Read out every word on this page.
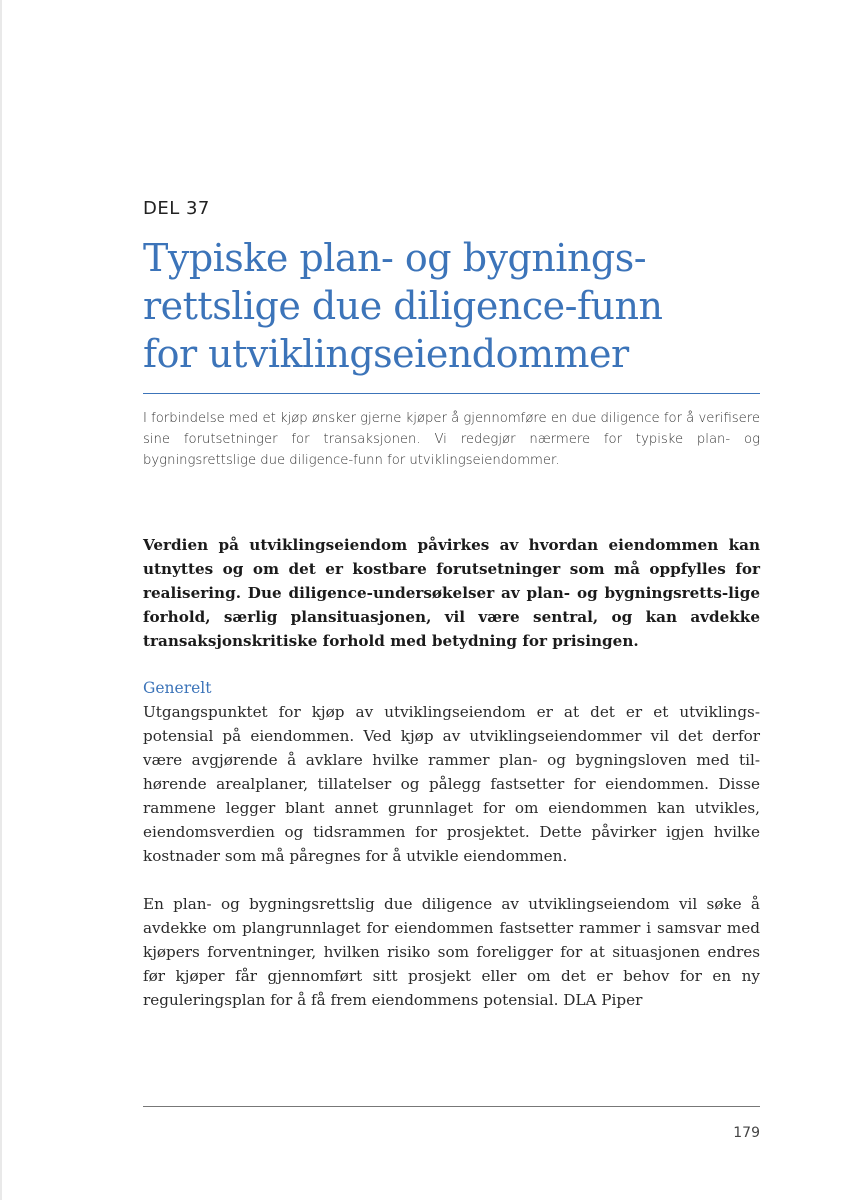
DEL 37
Typiske plan- og bygnings-
rettslige due diligence-funn
for utviklingseiendommer

I forbindelse med et kjøp ønsker gjerne kjøper å gjennomføre en due diligence for å verifisere sine forutsetninger for transaksjonen. Vi redegjør nærmere for typiske plan- og bygningsrettslige due diligence-funn for utviklingseiendommer.

Verdien på utviklingseiendom påvirkes av hvordan eiendommen kan utnyttes og om det er kostbare forutsetninger som må oppfylles for realisering. Due diligence-undersøkelser av plan- og bygningsretts-lige forhold, særlig plansituasjonen, vil være sentral, og kan avdekke transaksjonskritiske forhold med betydning for prisingen.

Generelt

Utgangspunktet for kjøp av utviklingseiendom er at det er et utviklings-potensial på eiendommen. Ved kjøp av utviklingseiendommer vil det derfor være avgjørende å avklare hvilke rammer plan- og bygningsloven med til-hørende arealplaner, tillatelser og pålegg fastsetter for eiendommen. Disse rammene legger blant annet grunnlaget for om eiendommen kan utvikles, eiendomsverdien og tidsrammen for prosjektet. Dette påvirker igjen hvilke kostnader som må påregnes for å utvikle eiendommen.

En plan- og bygningsrettslig due diligence av utviklingseiendom vil søke å avdekke om plangrunnlaget for eiendommen fastsetter rammer i samsvar med kjøpers forventninger, hvilken risiko som foreligger for at situasjonen endres før kjøper får gjennomført sitt prosjekt eller om det er behov for en ny reguleringsplan for å få frem eiendommens potensial. DLA Piper

179
